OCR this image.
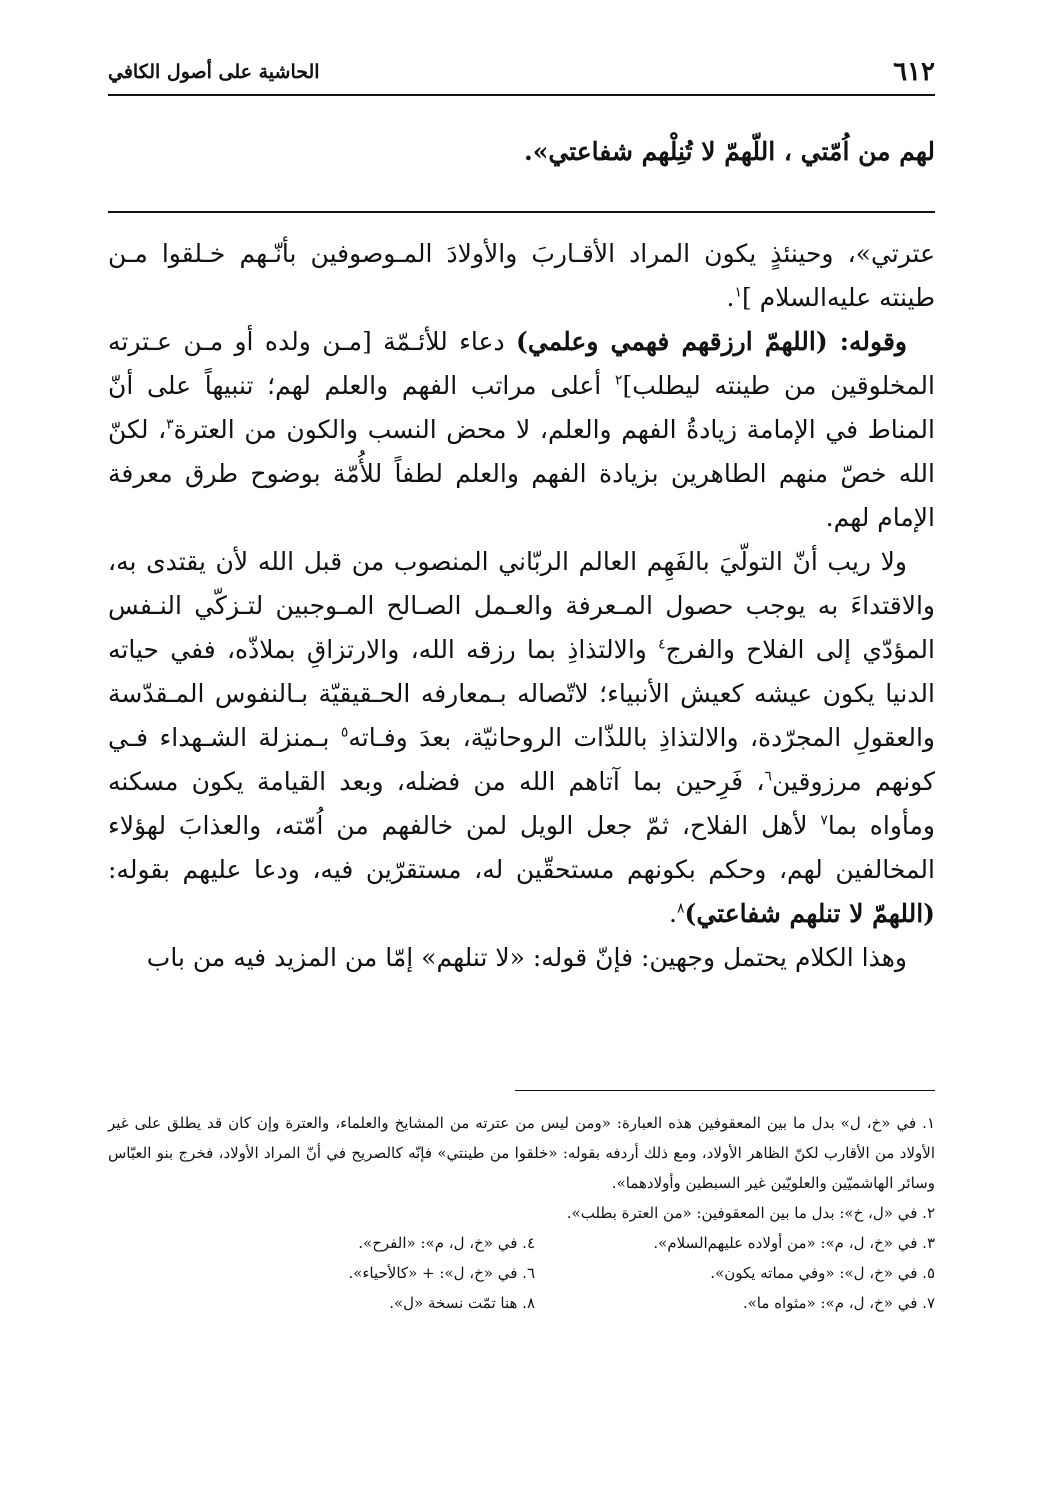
٦١٢
الحاشية على أصول الكافي
لهم من اُمّتي ، اللّهمّ لا تُنِلْهم شفاعتي».

عترتي»، وحينئذٍ يكون المراد الأقـاربَ والأولادَ المـوصوفين بأنّـهم خـلقوا مـن طينته عليه‌السلام ]$^١$.

وقوله: (اللهمّ ارزقهم فهمي وعلمي) دعاء للأئـمّة [مـن ولده أو مـن عـترته المخلوقين من طينته ليطلب]$^٢$ أعلى مراتب الفهم والعلم لهم؛ تنبيهاً على أنّ المناط في الإمامة زيادةُ الفهم والعلم، لا محض النسب والكون من العترة$^٣$، لكنّ الله خصّ منهم الطاهرين بزيادة الفهم والعلم لطفاً للأُمّة بوضوح طرق معرفة الإمام لهم.

ولا ريب أنّ التولّيَ بالفَهِم العالم الربّاني المنصوب من قبل الله لأن يقتدى به، والاقتداءَ به يوجب حصول المـعرفة والعـمل الصـالح المـوجبين لتـزكّي النـفس المؤدّي إلى الفلاح والفرج$^٤$ والالتذاذِ بما رزقه الله، والارتزاقِ بملاذّه، ففي حياته الدنيا يكون عيشه كعيش الأنبياء؛ لاتّصاله بـمعارفه الحـقيقيّة بـالنفوس المـقدّسة والعقولِ المجرّدة، والالتذاذِ باللذّات الروحانيّة، بعدَ وفـاته$^٥$ بـمنزلة الشـهداء فـي كونهم مرزوقين$^٦$، فَرِحين بما آتاهم الله من فضله، وبعد القيامة يكون مسكنه ومأواه بما$^٧$ لأهل الفلاح، ثمّ جعل الويل لمن خالفهم من اُمّته، والعذابَ لهؤلاء المخالفين لهم، وحكم بكونهم مستحقّين له، مستقرّين فيه، ودعا عليهم بقوله: (اللهمّ لا تنلهم شفاعتي)$^٨$.

وهذا الكلام يحتمل وجهين: فإنّ قوله: «لا تنلهم» إمّا من المزيد فيه من باب

١. في «خ، ل» بدل ما بين المعقوفين هذه العبارة: «ومن ليس من عترته من المشايخ والعلماء، والعترة وإن كان قد يطلق على غير الأولاد من الأقارب لكنّ الظاهر الأولاد، ومع ذلك أردفه بقوله: «خلقوا من طينتي» فإنّه كالصريح في أنّ المراد الأولاد، فخرج بنو العبّاس وسائر الهاشميّين والعلويّين غير السبطين وأولادهما».

٢. في «ل، خ»: بدل ما بين المعقوفين: «من العترة بطلب».

٣. في «خ، ل، م»: «من أولاده عليهم‌السلام».
٤. في «خ، ل، م»: «الفرح».
٥. في «خ، ل»: «وفي مماته يكون».
٦. في «خ، ل»: + «كالأحياء».
٧. في «خ، ل، م»: «مثواه ما».
٨. هنا تمّت نسخة «ل».
